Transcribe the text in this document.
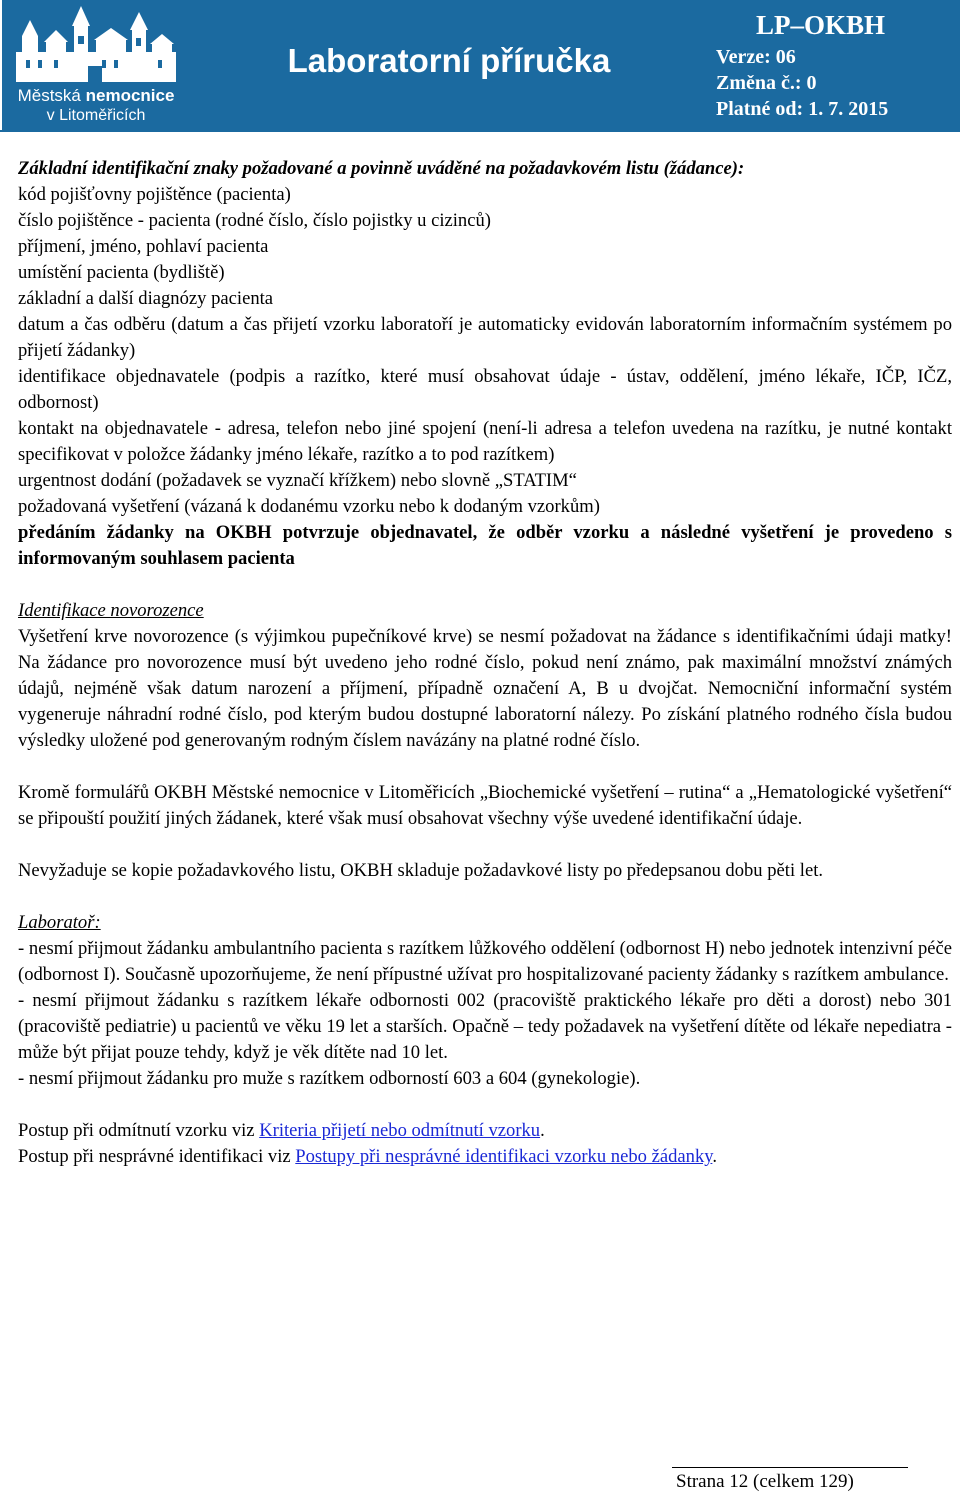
Městská nemocnice
v Litoměřicích
Laboratorní příručka
LP–OKBH
Verze: 06
Změna č.: 0
Platné od: 1. 7. 2015

Základní identifikační znaky požadované a povinně uváděné na požadavkovém listu (žádance):

kód pojišťovny pojištěnce (pacienta)

číslo pojištěnce - pacienta (rodné číslo, číslo pojistky u cizinců)

příjmení, jméno, pohlaví pacienta

umístění pacienta (bydliště)

základní a další diagnózy pacienta

datum a čas odběru (datum a čas přijetí vzorku laboratoří je automaticky evidován laboratorním informačním systémem po přijetí žádanky)

identifikace objednavatele (podpis a razítko, které musí obsahovat údaje - ústav, oddělení, jméno lékaře, IČP, IČZ, odbornost)

kontakt na objednavatele - adresa, telefon nebo jiné spojení (není-li adresa a telefon uvedena na razítku, je nutné kontakt specifikovat v položce žádanky jméno lékaře, razítko a to pod razítkem)

urgentnost dodání (požadavek se vyznačí křížkem) nebo slovně „STATIM“

požadovaná vyšetření (vázaná k dodanému vzorku nebo k dodaným vzorkům)

předáním žádanky na OKBH potvrzuje objednavatel, že odběr vzorku a následné vyšetření je provedeno s informovaným souhlasem pacienta

Identifikace novorozence

Vyšetření krve novorozence (s výjimkou pupečníkové krve) se nesmí požadovat na žádance s identifikačními údaji matky! Na žádance pro novorozence musí být uvedeno jeho rodné číslo, pokud není známo, pak maximální množství známých údajů, nejméně však datum narození a příjmení, případně označení A, B u dvojčat. Nemocniční informační systém vygeneruje náhradní rodné číslo, pod kterým budou dostupné laboratorní nálezy. Po získání platného rodného čísla budou výsledky uložené pod generovaným rodným číslem navázány na platné rodné číslo.

Kromě formulářů OKBH Městské nemocnice v Litoměřicích „Biochemické vyšetření – rutina“ a „Hematologické vyšetření“ se připouští použití jiných žádanek, které však musí obsahovat všechny výše uvedené identifikační údaje.

Nevyžaduje se kopie požadavkového listu, OKBH skladuje požadavkové listy po předepsanou dobu pěti let.

Laboratoř:

- nesmí přijmout žádanku ambulantního pacienta s razítkem lůžkového oddělení (odbornost H) nebo jednotek intenzivní péče (odbornost I). Současně upozorňujeme, že není přípustné užívat pro hospitalizované pacienty žádanky s razítkem ambulance.

- nesmí přijmout žádanku s razítkem lékaře odbornosti 002 (pracoviště praktického lékaře pro děti a dorost) nebo 301 (pracoviště pediatrie) u pacientů ve věku 19 let a starších. Opačně – tedy požadavek na vyšetření dítěte od lékaře nepediatra - může být přijat pouze tehdy, když je věk dítěte nad 10 let.

- nesmí přijmout žádanku pro muže s razítkem odborností 603 a 604 (gynekologie).

Postup při odmítnutí vzorku viz Kriteria přijetí nebo odmítnutí vzorku.

Postup při nesprávné identifikaci viz Postupy při nesprávné identifikaci vzorku nebo žádanky.

Strana 12 (celkem 129)
